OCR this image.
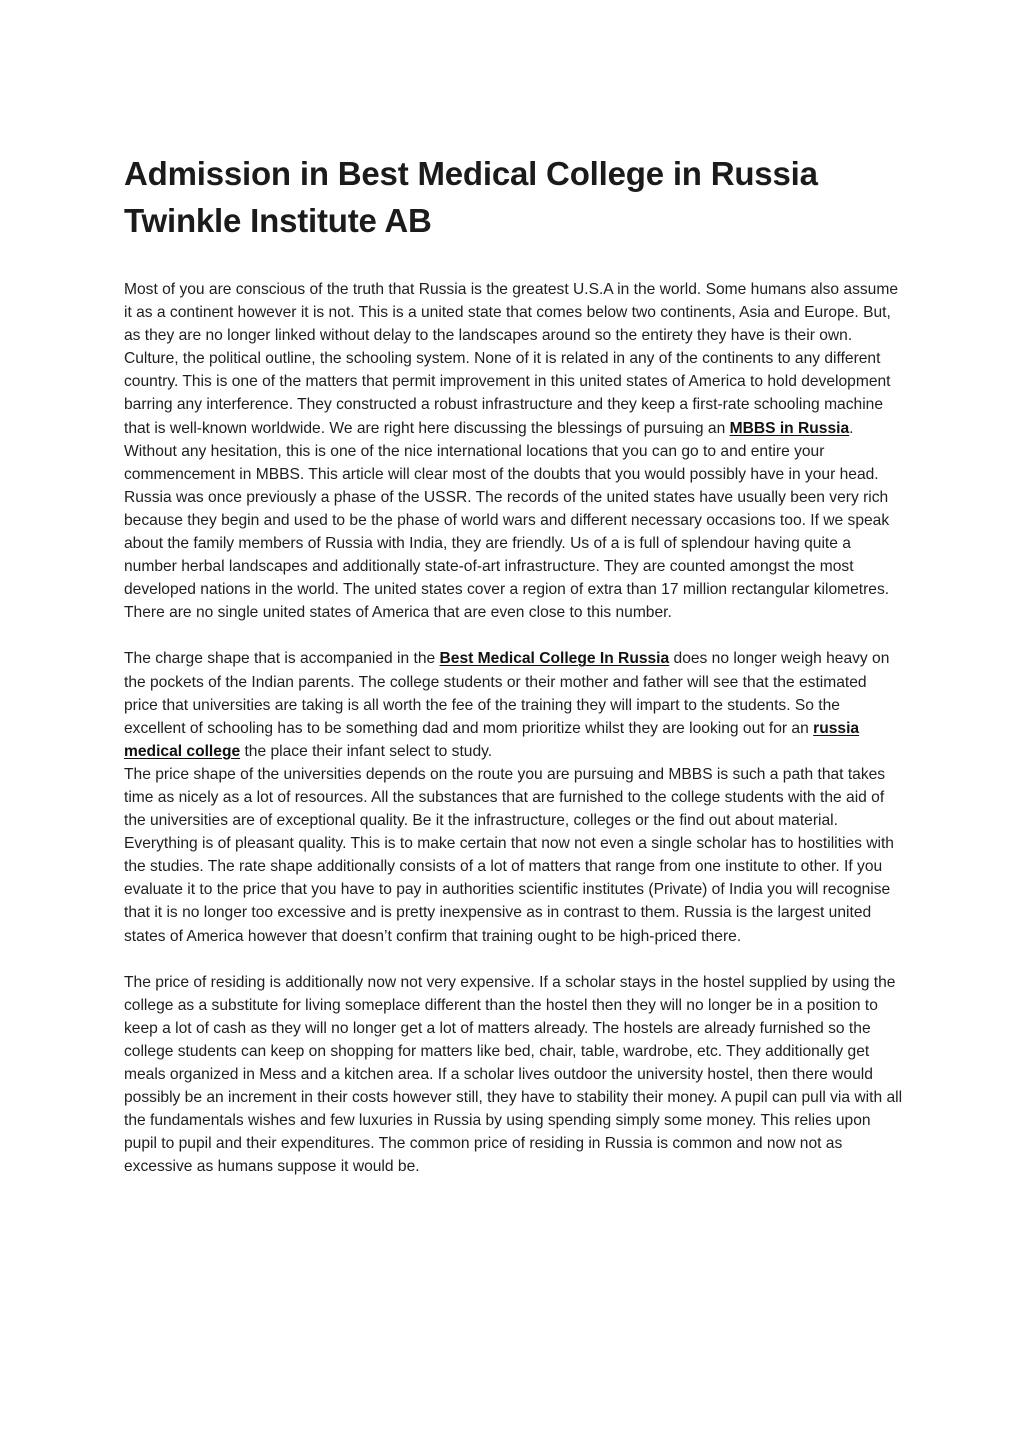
Admission in Best Medical College in Russia Twinkle Institute AB

Most of you are conscious of the truth that Russia is the greatest U.S.A in the world. Some humans also assume it as a continent however it is not. This is a united state that comes below two continents, Asia and Europe. But, as they are no longer linked without delay to the landscapes around so the entirety they have is their own. Culture, the political outline, the schooling system. None of it is related in any of the continents to any different country. This is one of the matters that permit improvement in this united states of America to hold development barring any interference. They constructed a robust infrastructure and they keep a first-rate schooling machine that is well-known worldwide. We are right here discussing the blessings of pursuing an MBBS in Russia. Without any hesitation, this is one of the nice international locations that you can go to and entire your commencement in MBBS. This article will clear most of the doubts that you would possibly have in your head.

Russia was once previously a phase of the USSR. The records of the united states have usually been very rich because they begin and used to be the phase of world wars and different necessary occasions too. If we speak about the family members of Russia with India, they are friendly. Us of a is full of splendour having quite a number herbal landscapes and additionally state-of-art infrastructure. They are counted amongst the most developed nations in the world. The united states cover a region of extra than 17 million rectangular kilometres. There are no single united states of America that are even close to this number.

The charge shape that is accompanied in the Best Medical College In Russia does no longer weigh heavy on the pockets of the Indian parents. The college students or their mother and father will see that the estimated price that universities are taking is all worth the fee of the training they will impart to the students. So the excellent of schooling has to be something dad and mom prioritize whilst they are looking out for an russia medical college the place their infant select to study.

The price shape of the universities depends on the route you are pursuing and MBBS is such a path that takes time as nicely as a lot of resources. All the substances that are furnished to the college students with the aid of the universities are of exceptional quality. Be it the infrastructure, colleges or the find out about material. Everything is of pleasant quality. This is to make certain that now not even a single scholar has to hostilities with the studies. The rate shape additionally consists of a lot of matters that range from one institute to other. If you evaluate it to the price that you have to pay in authorities scientific institutes (Private) of India you will recognise that it is no longer too excessive and is pretty inexpensive as in contrast to them. Russia is the largest united states of America however that doesn’t confirm that training ought to be high-priced there.

The price of residing is additionally now not very expensive. If a scholar stays in the hostel supplied by using the college as a substitute for living someplace different than the hostel then they will no longer be in a position to keep a lot of cash as they will no longer get a lot of matters already. The hostels are already furnished so the college students can keep on shopping for matters like bed, chair, table, wardrobe, etc. They additionally get meals organized in Mess and a kitchen area. If a scholar lives outdoor the university hostel, then there would possibly be an increment in their costs however still, they have to stability their money. A pupil can pull via with all the fundamentals wishes and few luxuries in Russia by using spending simply some money. This relies upon pupil to pupil and their expenditures. The common price of residing in Russia is common and now not as excessive as humans suppose it would be.
